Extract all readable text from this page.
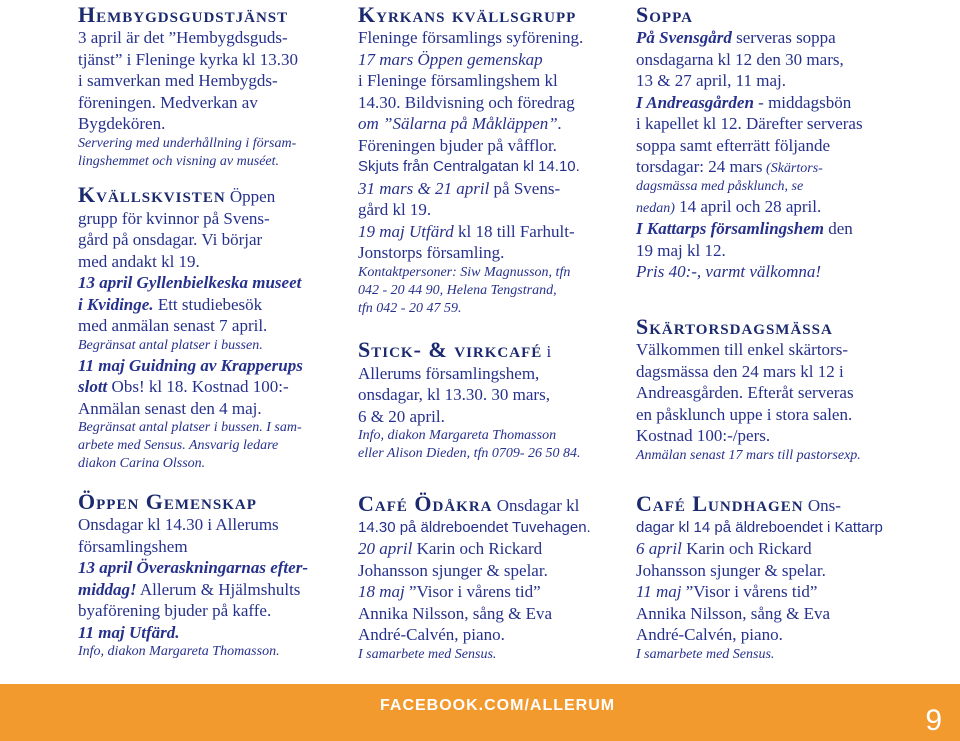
Hembygdsgudstjänst

3 april är det ”Hembygdsguds-

tjänst” i Fleninge kyrka kl 13.30

i samverkan med Hembygds-

föreningen. Medverkan av

Bygdekören.

Servering med underhållning i försam-

lingshemmet och visning av muséet.

Kvällskvisten Öppen

grupp för kvinnor på Svens-

gård på onsdagar. Vi börjar

med andakt kl 19.

13 april Gyllenbielkeska museet

i Kvidinge. Ett studiebesök

med anmälan senast 7 april.

Begränsat antal platser i bussen.

11 maj Guidning av Krapperups

slott Obs! kl 18. Kostnad 100:-

Anmälan senast den 4 maj.

Begränsat antal platser i bussen. I sam-

arbete med Sensus. Ansvarig ledare

diakon Carina Olsson.

Öppen Gemenskap

Onsdagar kl 14.30 i Allerums

församlingshem

13 april Överaskningarnas efter-

middag! Allerum & Hjälmshults

byaförening bjuder på kaffe.

11 maj Utfärd.

Info, diakon Margareta Thomasson.

Kyrkans kvällsgrupp

Fleninge församlings syförening.

17 mars Öppen gemenskap

i Fleninge församlingshem kl

14.30. Bildvisning och föredrag

om ”Sälarna på Måkläppen”.

Föreningen bjuder på våfflor.

Skjuts från Centralgatan kl 14.10.

31 mars & 21 april på Svens-

gård kl 19.

19 maj Utfärd kl 18 till Farhult-

Jonstorps församling.

Kontaktpersoner: Siw Magnusson, tfn

042 - 20 44 90, Helena Tengstrand,

tfn 042 - 20 47 59.

Stick- & virkcafé i

Allerums församlingshem,

onsdagar, kl 13.30. 30 mars,

6 & 20 april.

Info, diakon Margareta Thomasson

eller Alison Dieden, tfn 0709- 26 50 84.

Café Ödåkra Onsdagar kl

14.30 på äldreboendet Tuvehagen.

20 april Karin och Rickard

Johansson sjunger & spelar.

18 maj ”Visor i vårens tid”

Annika Nilsson, sång & Eva

André-Calvén, piano.

I samarbete med Sensus.

Soppa

På Svensgård serveras soppa

onsdagarna kl 12 den 30 mars,

13 & 27 april, 11 maj.

I Andreasgården - middagsbön

i kapellet kl 12. Därefter serveras

soppa samt efterrätt följande

torsdagar: 24 mars (Skärtors-

dagsmässa med påsklunch, se

nedan) 14 april och 28 april.

I Kattarps församlingshem den

19 maj kl 12.

Pris 40:-, varmt välkomna!

Skärtorsdagsmässa

Välkommen till enkel skärtors-

dagsmässa den 24 mars kl 12 i

Andreasgården. Efteråt serveras

en påsklunch uppe i stora salen.

Kostnad 100:-/pers.

Anmälan senast 17 mars till pastorsexp.

Café Lundhagen Ons-

dagar kl 14 på äldreboendet i Kattarp

6 april Karin och Rickard

Johansson sjunger & spelar.

11 maj ”Visor i vårens tid”

Annika Nilsson, sång & Eva

André-Calvén, piano.

I samarbete med Sensus.

FACEBOOK.COM/ALLERUM	9
